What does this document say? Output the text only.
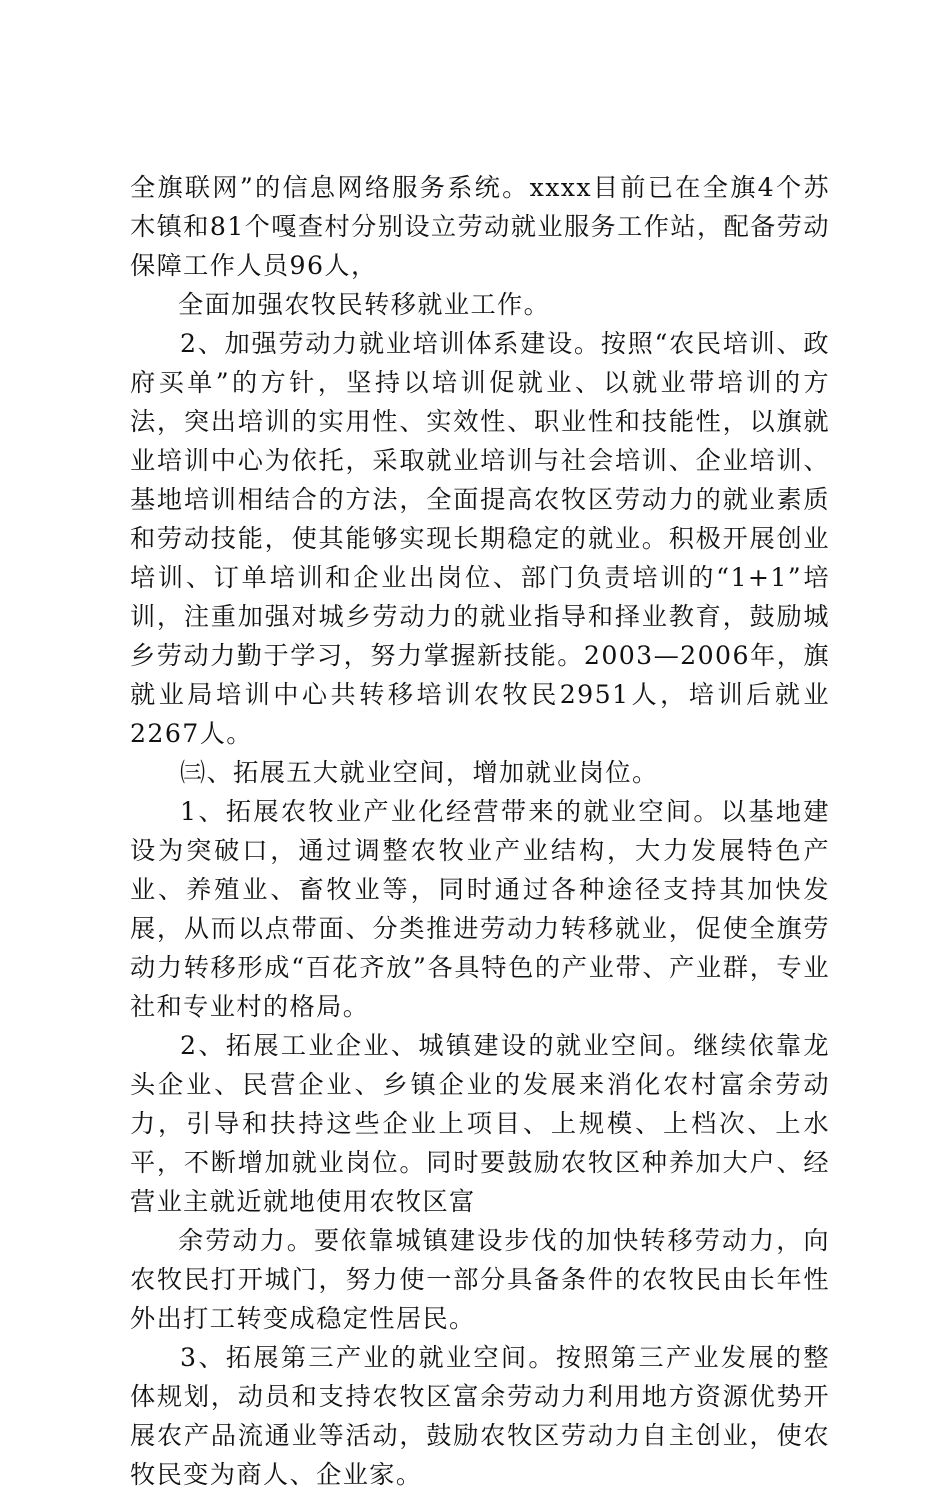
全旗联网”的信息网络服务系统。xxxx目前已在全旗4个苏木镇和81个嘎查村分别设立劳动就业服务工作站，配备劳动保障工作人员96人，

全面加强农牧民转移就业工作。

2、加强劳动力就业培训体系建设。按照“农民培训、政府买单”的方针，坚持以培训促就业、以就业带培训的方法，突出培训的实用性、实效性、职业性和技能性，以旗就业培训中心为依托，采取就业培训与社会培训、企业培训、基地培训相结合的方法，全面提高农牧区劳动力的就业素质和劳动技能，使其能够实现长期稳定的就业。积极开展创业培训、订单培训和企业出岗位、部门负责培训的“1+1”培训，注重加强对城乡劳动力的就业指导和择业教育，鼓励城乡劳动力勤于学习，努力掌握新技能。2003—2006年，旗就业局培训中心共转移培训农牧民2951人，培训后就业2267人。

㈢、拓展五大就业空间，增加就业岗位。

1、拓展农牧业产业化经营带来的就业空间。以基地建设为突破口，通过调整农牧业产业结构，大力发展特色产业、养殖业、畜牧业等，同时通过各种途径支持其加快发展，从而以点带面、分类推进劳动力转移就业，促使全旗劳动力转移形成“百花齐放”各具特色的产业带、产业群，专业社和专业村的格局。

2、拓展工业企业、城镇建设的就业空间。继续依靠龙头企业、民营企业、乡镇企业的发展来消化农村富余劳动力，引导和扶持这些企业上项目、上规模、上档次、上水平，不断增加就业岗位。同时要鼓励农牧区种养加大户、经营业主就近就地使用农牧区富

余劳动力。要依靠城镇建设步伐的加快转移劳动力，向农牧民打开城门，努力使一部分具备条件的农牧民由长年性外出打工转变成稳定性居民。

3、拓展第三产业的就业空间。按照第三产业发展的整体规划，动员和支持农牧区富余劳动力利用地方资源优势开展农产品流通业等活动，鼓励农牧区劳动力自主创业，使农牧民变为商人、企业家。
